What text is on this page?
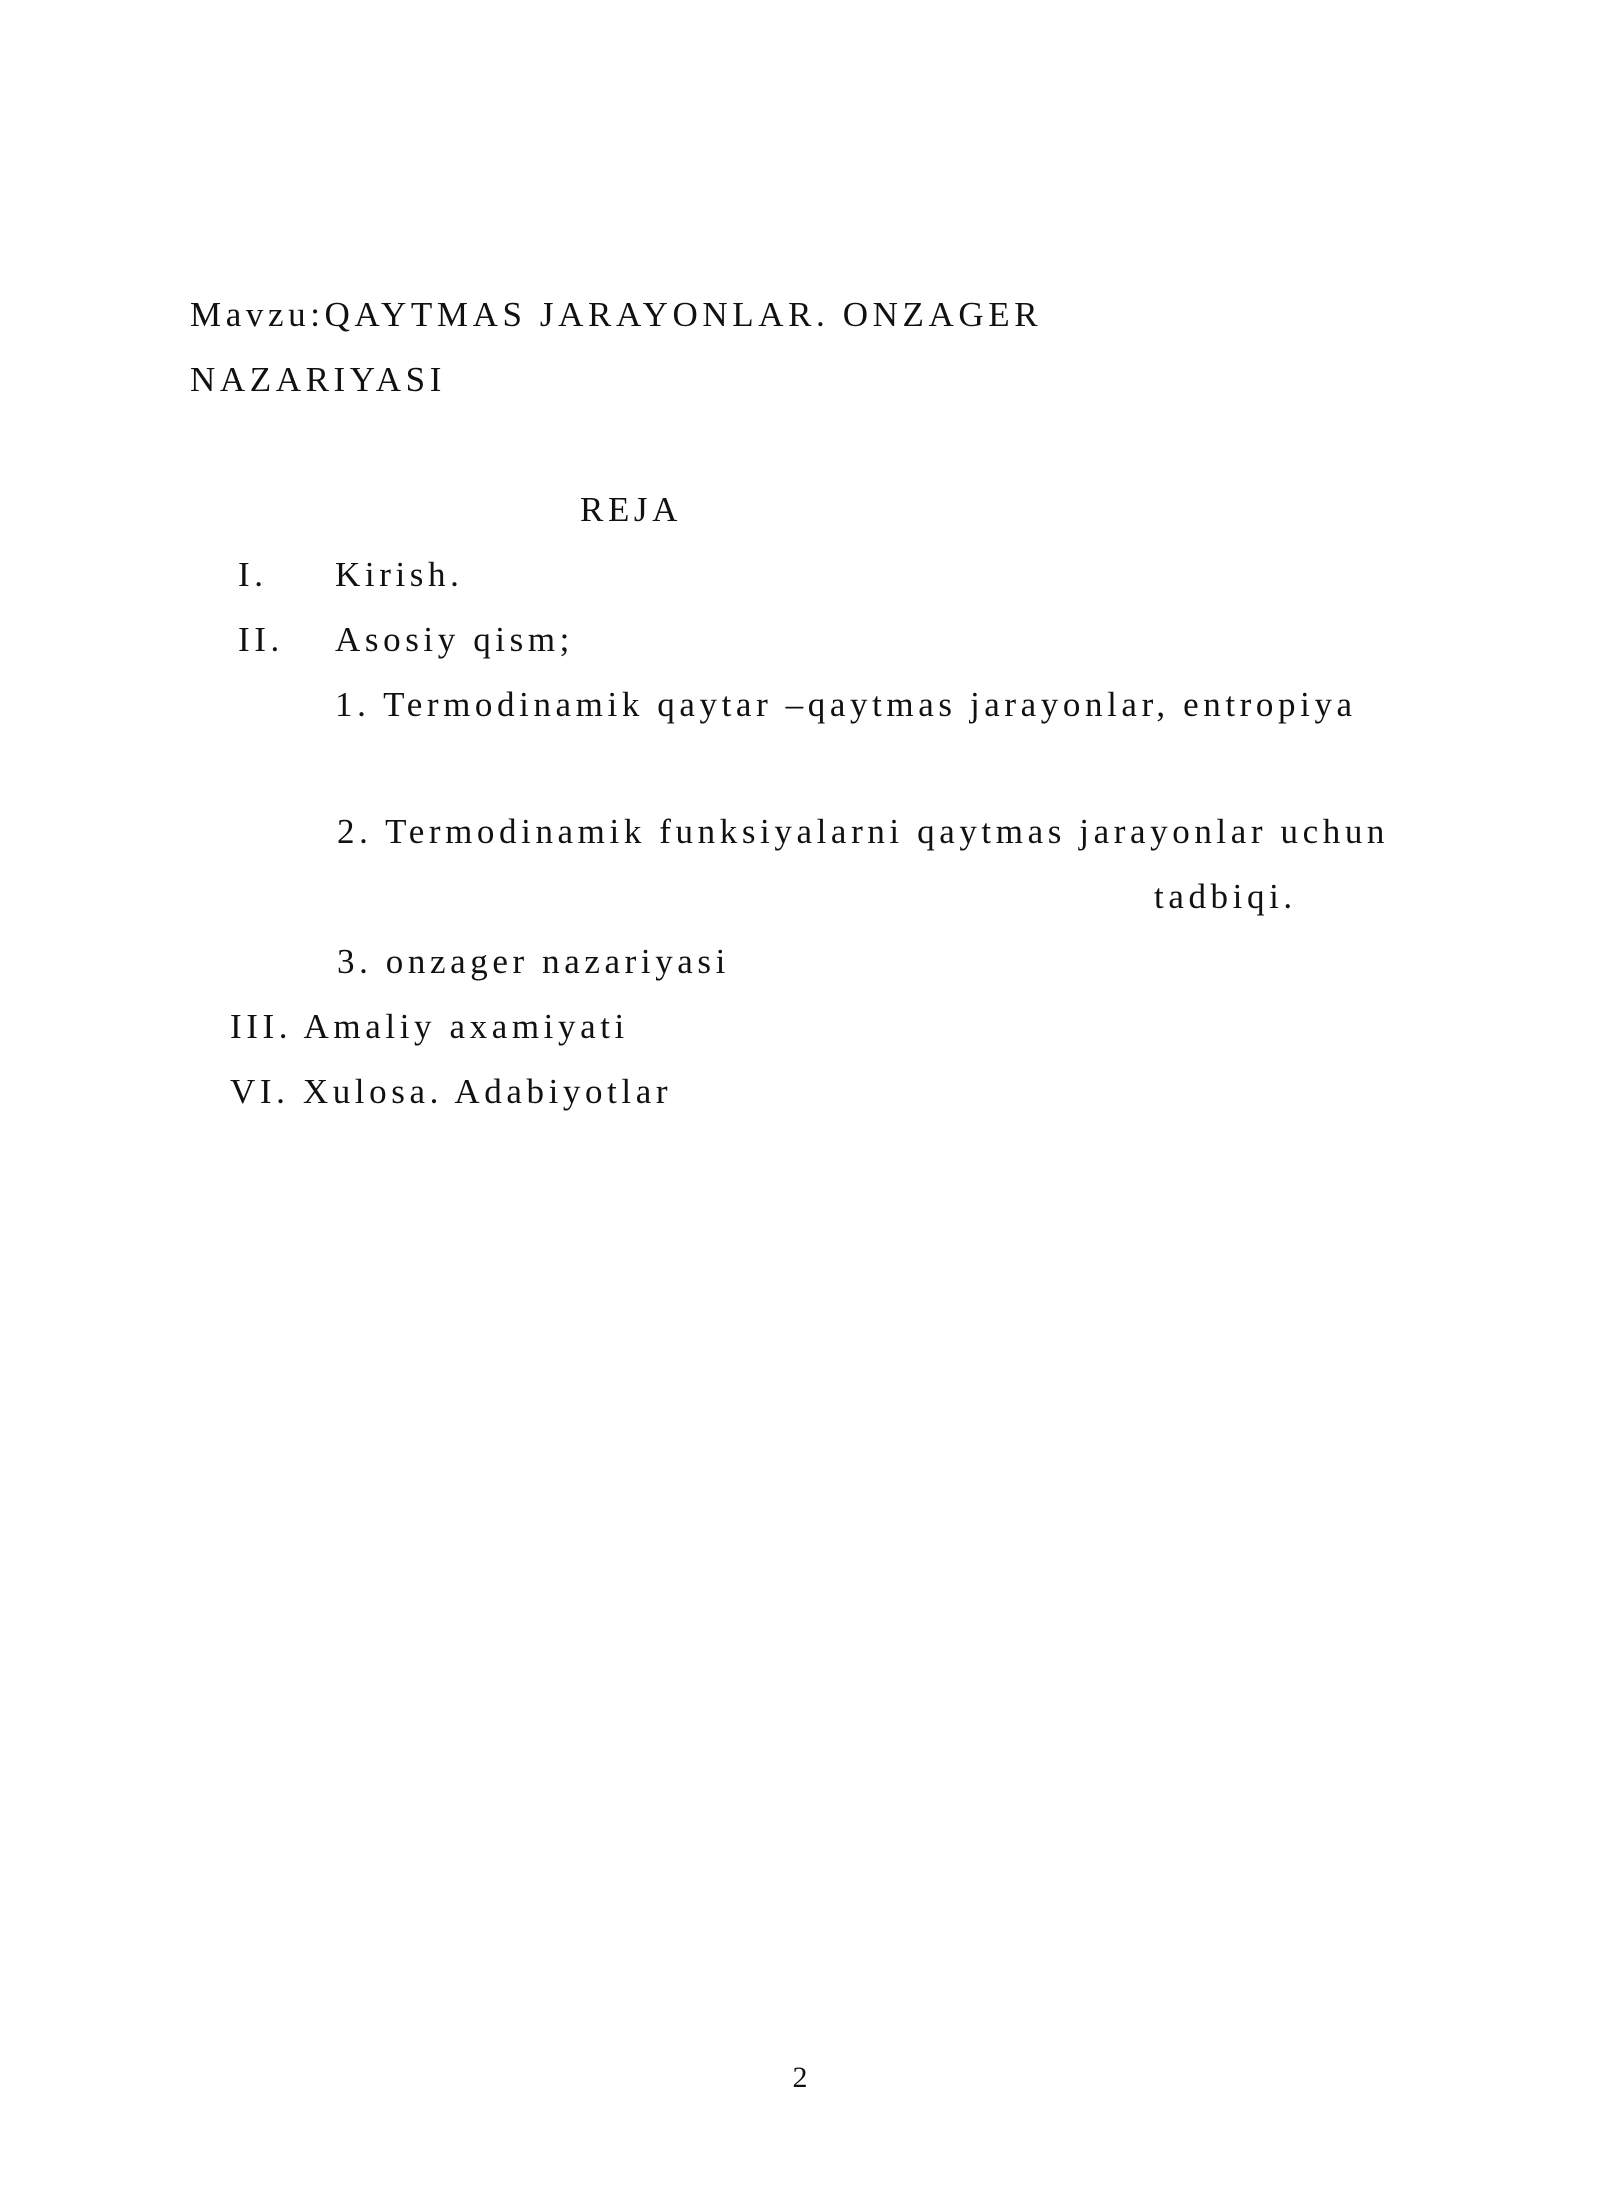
Mavzu:QAYTMAS JARAYONLAR. ONZAGER
NAZARIYASI
REJA
I. Kirish.
II. Asosiy qism;
1. Termodinamik qaytar –qaytmas jarayonlar, entropiya
2. Termodinamik funksiyalarni qaytmas jarayonlar uchun
tadbiqi.
3. onzager nazariyasi
III. Amaliy axamiyati
VI. Xulosa. Adabiyotlar
2
